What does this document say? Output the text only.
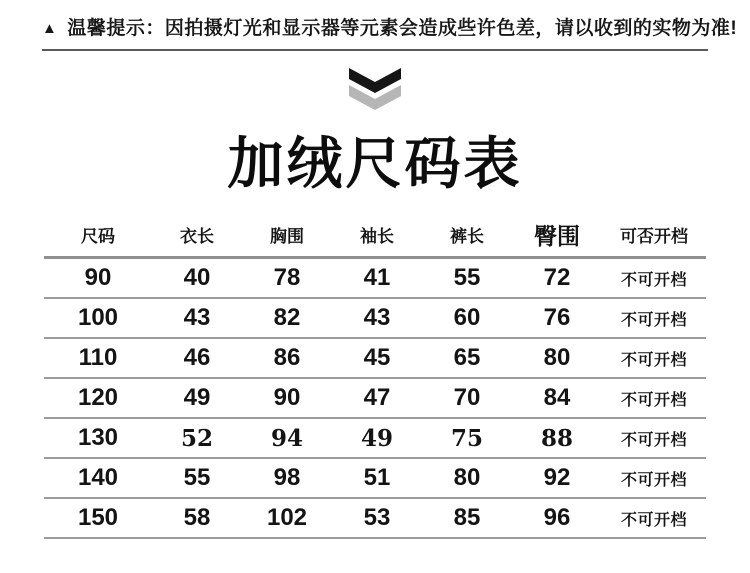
▲ 温馨提示：因拍摄灯光和显示器等元素会造成些许色差，请以收到的实物为准!
加绒尺码表
尺码	衣长	胸围	袖长	裤长	臀围	可否开档
90	40	78	41	55	72	不可开档
100	43	82	43	60	76	不可开档
110	46	86	45	65	80	不可开档
120	49	90	47	70	84	不可开档
130	52	94	49	75	88	不可开档
140	55	98	51	80	92	不可开档
150	58	102	53	85	96	不可开档
